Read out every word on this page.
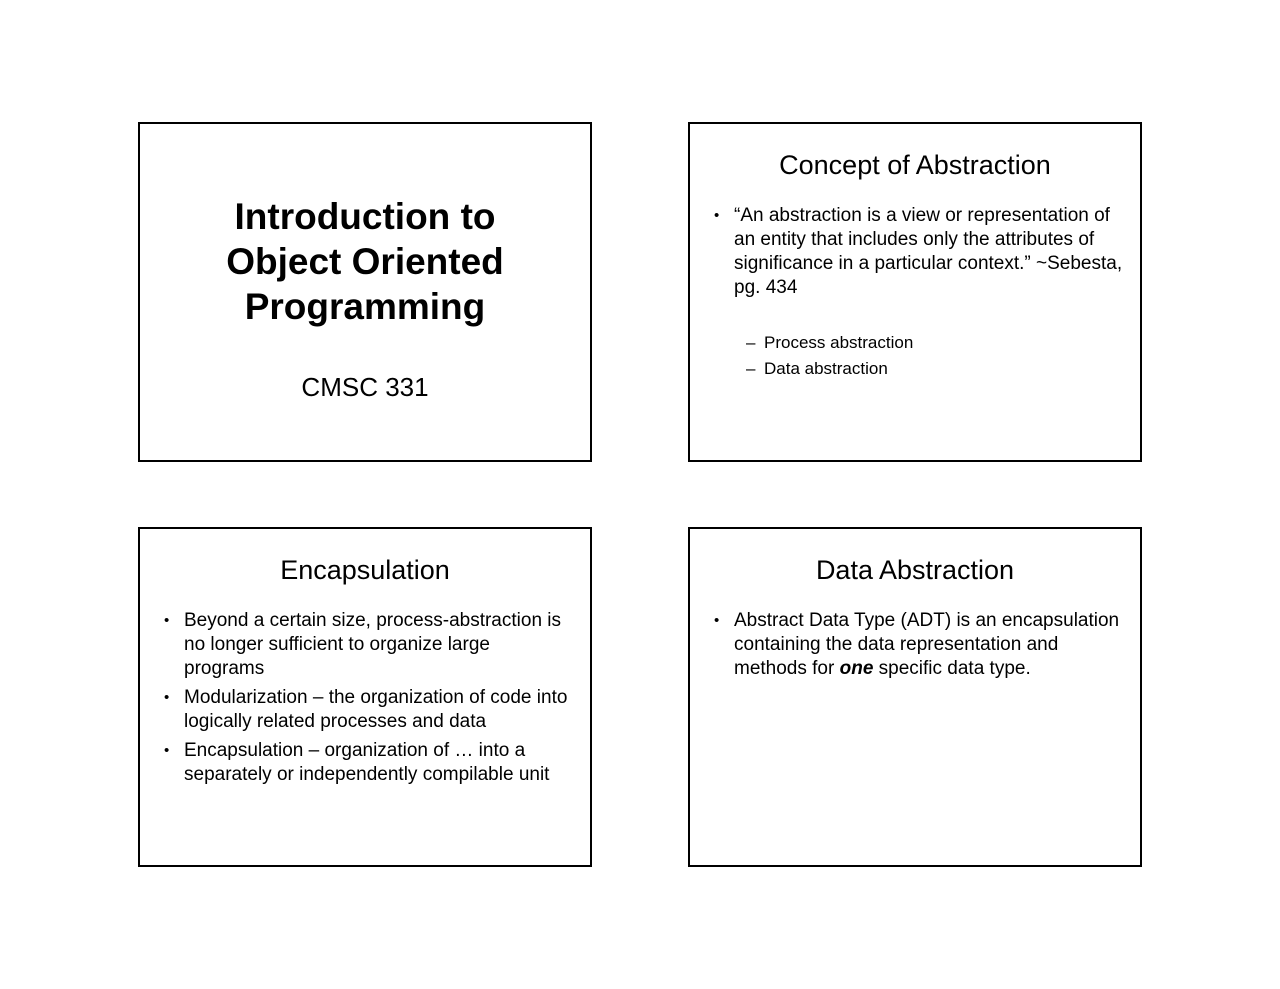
Introduction to
Object Oriented
Programming
CMSC 331
Concept of Abstraction
• “An abstraction is a view or representation of an entity that includes only the attributes of significance in a particular context.” ~Sebesta, pg. 434
– Process abstraction
– Data abstraction
Encapsulation
• Beyond a certain size, process-abstraction is no longer sufficient to organize large programs
• Modularization – the organization of code into logically related processes and data
• Encapsulation – organization of … into a separately or independently compilable unit
Data Abstraction
• Abstract Data Type (ADT) is an encapsulation containing the data representation and methods for one specific data type.
